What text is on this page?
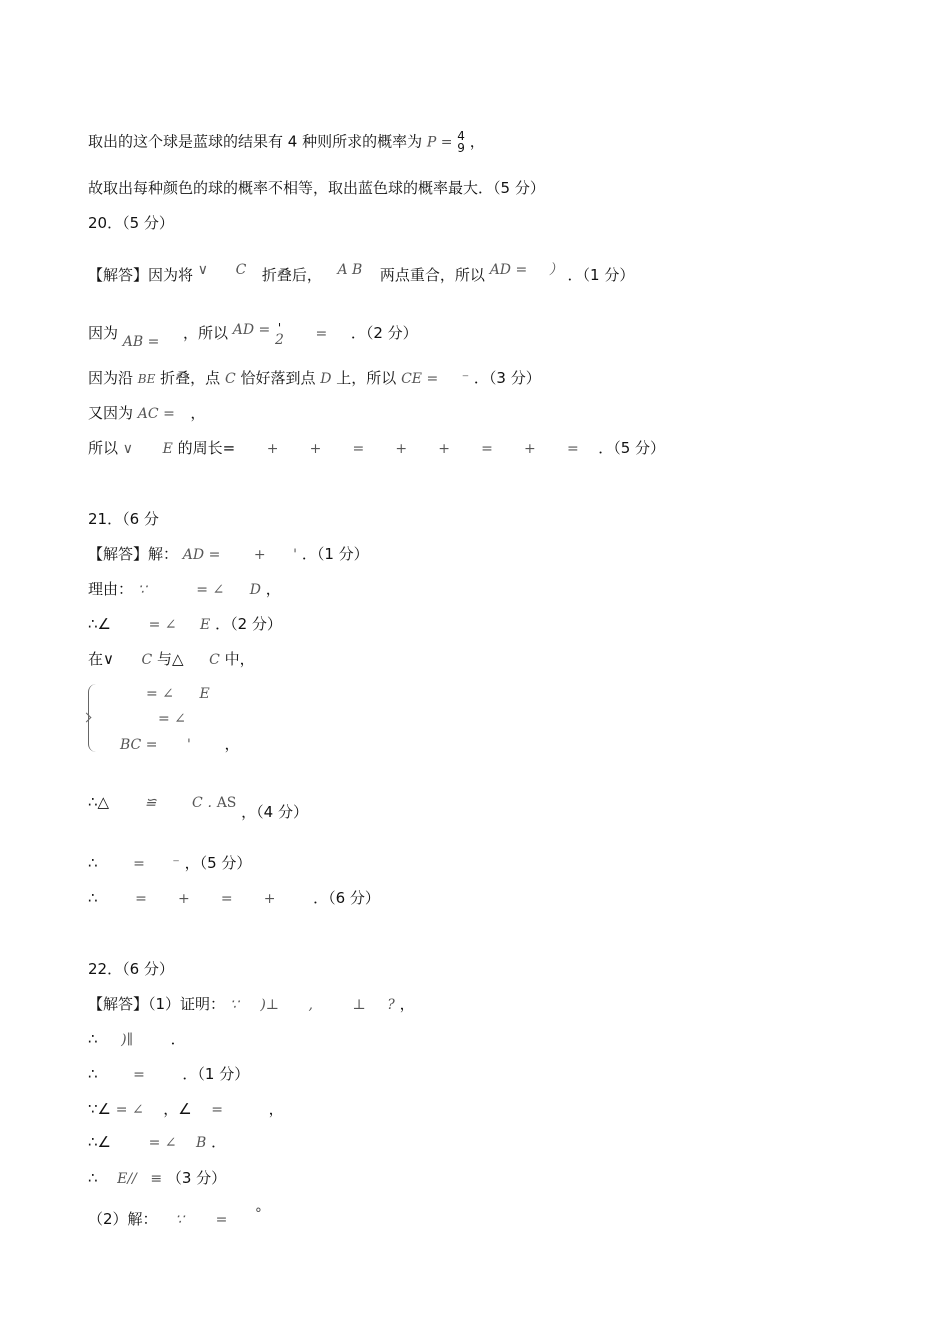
取出的这个球是蓝球的结果有 4 种则所求的概率为 P = 4
9 ，
故取出每种颜色的球的概率不相等，取出蓝色球的概率最大．（5 分）
20．（5 分）
【解答】因为将 ∨ C 折叠后， A B 两点重合，所以 AD = ） ．（1 分）
因为 AB = ，所以 AD = '
2 = ．（2 分）
因为沿 BE 折叠，点 C 恰好落到点 D 上，所以 CE = ⁻ ．（3 分）
又因为 AC = ，
所以 ∨ E 的周长= +       +       =       +       +       =       +       = ．（5 分）
21．（6 分
【解答】解： AD = + ' ．（1 分）
理由： ∵	= ∠ D ，
∴∠	= ∠ E ．（2 分）
在∨ C 与△ C 中，
= ∠ E
= ∠
BC = ' ，
∴△	≌	C . AS ，（4 分）
∴	= ⁻ ，（5 分）
∴	=       +       =       +	．（6 分）
22．（6 分）
【解答】（1）证明： ∵ )⊥ ,	⊥ ? ，
∴ )∥	．
∴	=	．（1 分）
∵∠ = ∠ ，∠ =	，
∴∠	= ∠ B ．
∴ E// ≡ （3 分）
（2）解： ∵ = °
